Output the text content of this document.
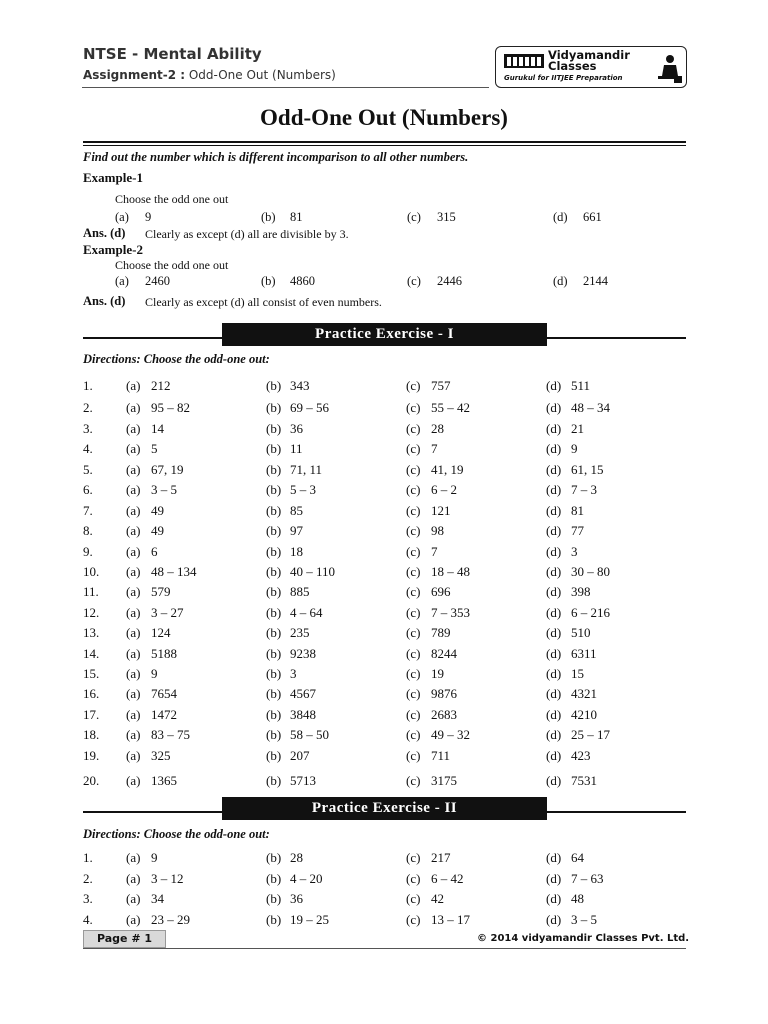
NTSE - Mental Ability
Assignment-2 : Odd-One Out (Numbers)
Vidyamandir
Classes
Gurukul for IITJEE Preparation
Odd-One Out (Numbers)
Find out the number which is different incomparison to all other numbers.
Example-1
Choose the odd one out
(a) 9	(b) 81	(c) 315	(d) 661
Ans. (d) Clearly as except (d) all are divisible by 3.
Example-2
Choose the odd one out
(a) 2460	(b) 4860	(c) 2446	(d) 2144
Ans. (d) Clearly as except (d) all consist of even numbers.
Practice Exercise - I
Directions: Choose the odd-one out:
1.	(a) 212	(b) 343	(c) 757	(d) 511
2.	(a) 95 – 82	(b) 69 – 56	(c) 55 – 42	(d) 48 – 34
3.	(a) 14	(b) 36	(c) 28	(d) 21
4.	(a) 5	(b) 11	(c) 7	(d) 9
5.	(a) 67, 19	(b) 71, 11	(c) 41, 19	(d) 61, 15
6.	(a) 3 – 5	(b) 5 – 3	(c) 6 – 2	(d) 7 – 3
7.	(a) 49	(b) 85	(c) 121	(d) 81
8.	(a) 49	(b) 97	(c) 98	(d) 77
9.	(a) 6	(b) 18	(c) 7	(d) 3
10. (a) 48 – 134	(b) 40 – 110	(c) 18 – 48	(d) 30 – 80
11. (a) 579	(b) 885	(c) 696	(d) 398
12. (a) 3 – 27	(b) 4 – 64	(c) 7 – 353	(d) 6 – 216
13. (a) 124	(b) 235	(c) 789	(d) 510
14. (a) 5188	(b) 9238	(c) 8244	(d) 6311
15. (a) 9	(b) 3	(c) 19	(d) 15
16. (a) 7654	(b) 4567	(c) 9876	(d) 4321
17. (a) 1472	(b) 3848	(c) 2683	(d) 4210
18. (a) 83 – 75	(b) 58 – 50	(c) 49 – 32	(d) 25 – 17
19. (a) 325	(b) 207	(c) 711	(d) 423
20. (a) 1365	(b) 5713	(c) 3175	(d) 7531
Practice Exercise - II
Directions: Choose the odd-one out:
1.	(a) 9	(b) 28	(c) 217	(d) 64
2.	(a) 3 – 12	(b) 4 – 20	(c) 6 – 42	(d) 7 – 63
3.	(a) 34	(b) 36	(c) 42	(d) 48
4.	(a) 23 – 29	(b) 19 – 25	(c) 13 – 17	(d) 3 – 5
Page # 1	© 2014 vidyamandir Classes Pvt. Ltd.
